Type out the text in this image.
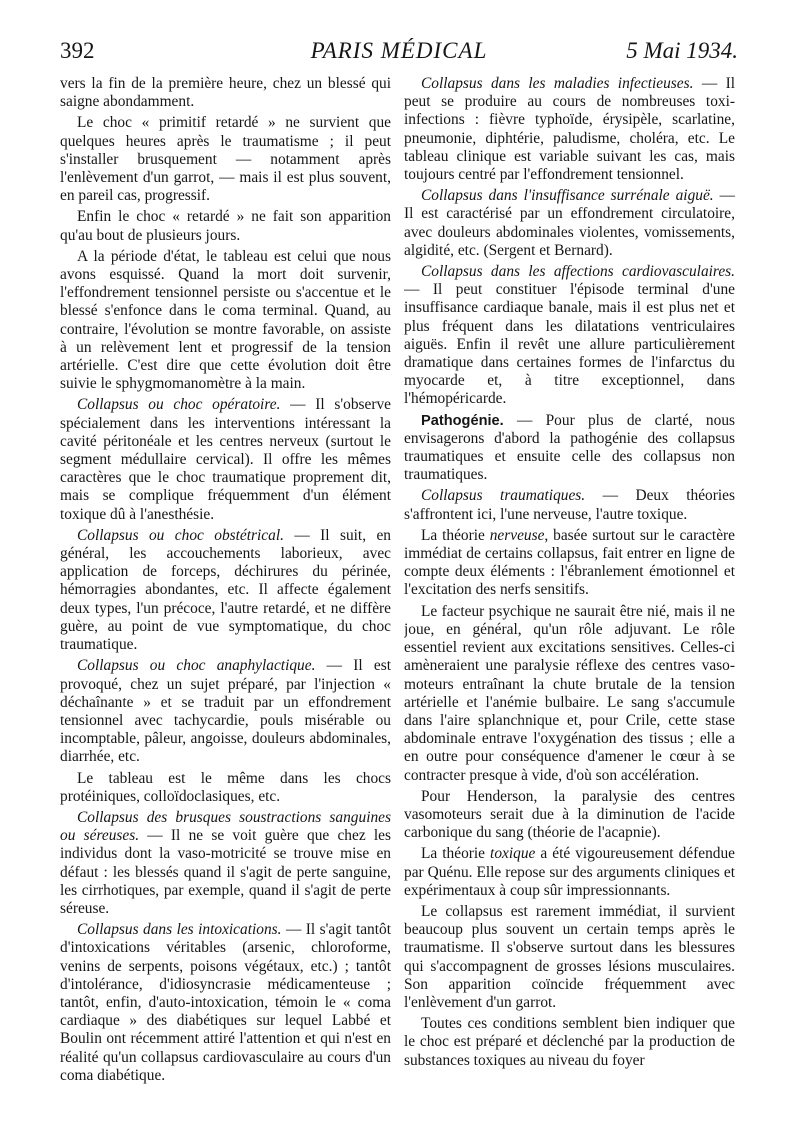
392	PARIS MÉDICAL	5 Mai 1934.

vers la fin de la première heure, chez un blessé qui saigne abondamment.

Le choc « primitif retardé » ne survient que quelques heures après le traumatisme ; il peut s'installer brusquement — notamment après l'enlèvement d'un garrot, — mais il est plus souvent, en pareil cas, progressif.

Enfin le choc « retardé » ne fait son apparition qu'au bout de plusieurs jours.

A la période d'état, le tableau est celui que nous avons esquissé. Quand la mort doit survenir, l'effondrement tensionnel persiste ou s'accentue et le blessé s'enfonce dans le coma terminal. Quand, au contraire, l'évolution se montre favorable, on assiste à un relèvement lent et progressif de la tension artérielle. C'est dire que cette évolution doit être suivie le sphygmomanomètre à la main.

Collapsus ou choc opératoire. — Il s'observe spécialement dans les interventions intéressant la cavité péritonéale et les centres nerveux (surtout le segment médullaire cervical). Il offre les mêmes caractères que le choc traumatique proprement dit, mais se complique fréquemment d'un élément toxique dû à l'anesthésie.

Collapsus ou choc obstétrical. — Il suit, en général, les accouchements laborieux, avec application de forceps, déchirures du périnée, hémorragies abondantes, etc. Il affecte également deux types, l'un précoce, l'autre retardé, et ne diffère guère, au point de vue symptomatique, du choc traumatique.

Collapsus ou choc anaphylactique. — Il est provoqué, chez un sujet préparé, par l'injection « déchaînante » et se traduit par un effondrement tensionnel avec tachycardie, pouls misérable ou incomptable, pâleur, angoisse, douleurs abdominales, diarrhée, etc.

Le tableau est le même dans les chocs protéiniques, colloïdoclasiques, etc.

Collapsus des brusques soustractions sanguines ou séreuses. — Il ne se voit guère que chez les individus dont la vaso-motricité se trouve mise en défaut : les blessés quand il s'agit de perte sanguine, les cirrhotiques, par exemple, quand il s'agit de perte séreuse.

Collapsus dans les intoxications. — Il s'agit tantôt d'intoxications véritables (arsenic, chloroforme, venins de serpents, poisons végétaux, etc.) ; tantôt d'intolérance, d'idiosyncrasie médicamenteuse ; tantôt, enfin, d'auto-intoxication, témoin le « coma cardiaque » des diabétiques sur lequel Labbé et Boulin ont récemment attiré l'attention et qui n'est en réalité qu'un collapsus cardiovasculaire au cours d'un coma diabétique.

Collapsus dans les maladies infectieuses. — Il peut se produire au cours de nombreuses toxi-infections : fièvre typhoïde, érysipèle, scarlatine, pneumonie, diphtérie, paludisme, choléra, etc. Le tableau clinique est variable suivant les cas, mais toujours centré par l'effondrement tensionnel.

Collapsus dans l'insuffisance surrénale aiguë. — Il est caractérisé par un effondrement circulatoire, avec douleurs abdominales violentes, vomissements, algidité, etc. (Sergent et Bernard).

Collapsus dans les affections cardiovasculaires. — Il peut constituer l'épisode terminal d'une insuffisance cardiaque banale, mais il est plus net et plus fréquent dans les dilatations ventriculaires aiguës. Enfin il revêt une allure particulièrement dramatique dans certaines formes de l'infarctus du myocarde et, à titre exceptionnel, dans l'hémopéricarde.

Pathogénie. — Pour plus de clarté, nous envisagerons d'abord la pathogénie des collapsus traumatiques et ensuite celle des collapsus non traumatiques.

Collapsus traumatiques. — Deux théories s'affrontent ici, l'une nerveuse, l'autre toxique.

La théorie nerveuse, basée surtout sur le caractère immédiat de certains collapsus, fait entrer en ligne de compte deux éléments : l'ébranlement émotionnel et l'excitation des nerfs sensitifs.

Le facteur psychique ne saurait être nié, mais il ne joue, en général, qu'un rôle adjuvant. Le rôle essentiel revient aux excitations sensitives. Celles-ci amèneraient une paralysie réflexe des centres vaso-moteurs entraînant la chute brutale de la tension artérielle et l'anémie bulbaire. Le sang s'accumule dans l'aire splanchnique et, pour Crile, cette stase abdominale entrave l'oxygénation des tissus ; elle a en outre pour conséquence d'amener le cœur à se contracter presque à vide, d'où son accélération.

Pour Henderson, la paralysie des centres vasomoteurs serait due à la diminution de l'acide carbonique du sang (théorie de l'acapnie).

La théorie toxique a été vigoureusement défendue par Quénu. Elle repose sur des arguments cliniques et expérimentaux à coup sûr impressionnants.

Le collapsus est rarement immédiat, il survient beaucoup plus souvent un certain temps après le traumatisme. Il s'observe surtout dans les blessures qui s'accompagnent de grosses lésions musculaires. Son apparition coïncide fréquemment avec l'enlèvement d'un garrot.

Toutes ces conditions semblent bien indiquer que le choc est préparé et déclenché par la production de substances toxiques au niveau du foyer
